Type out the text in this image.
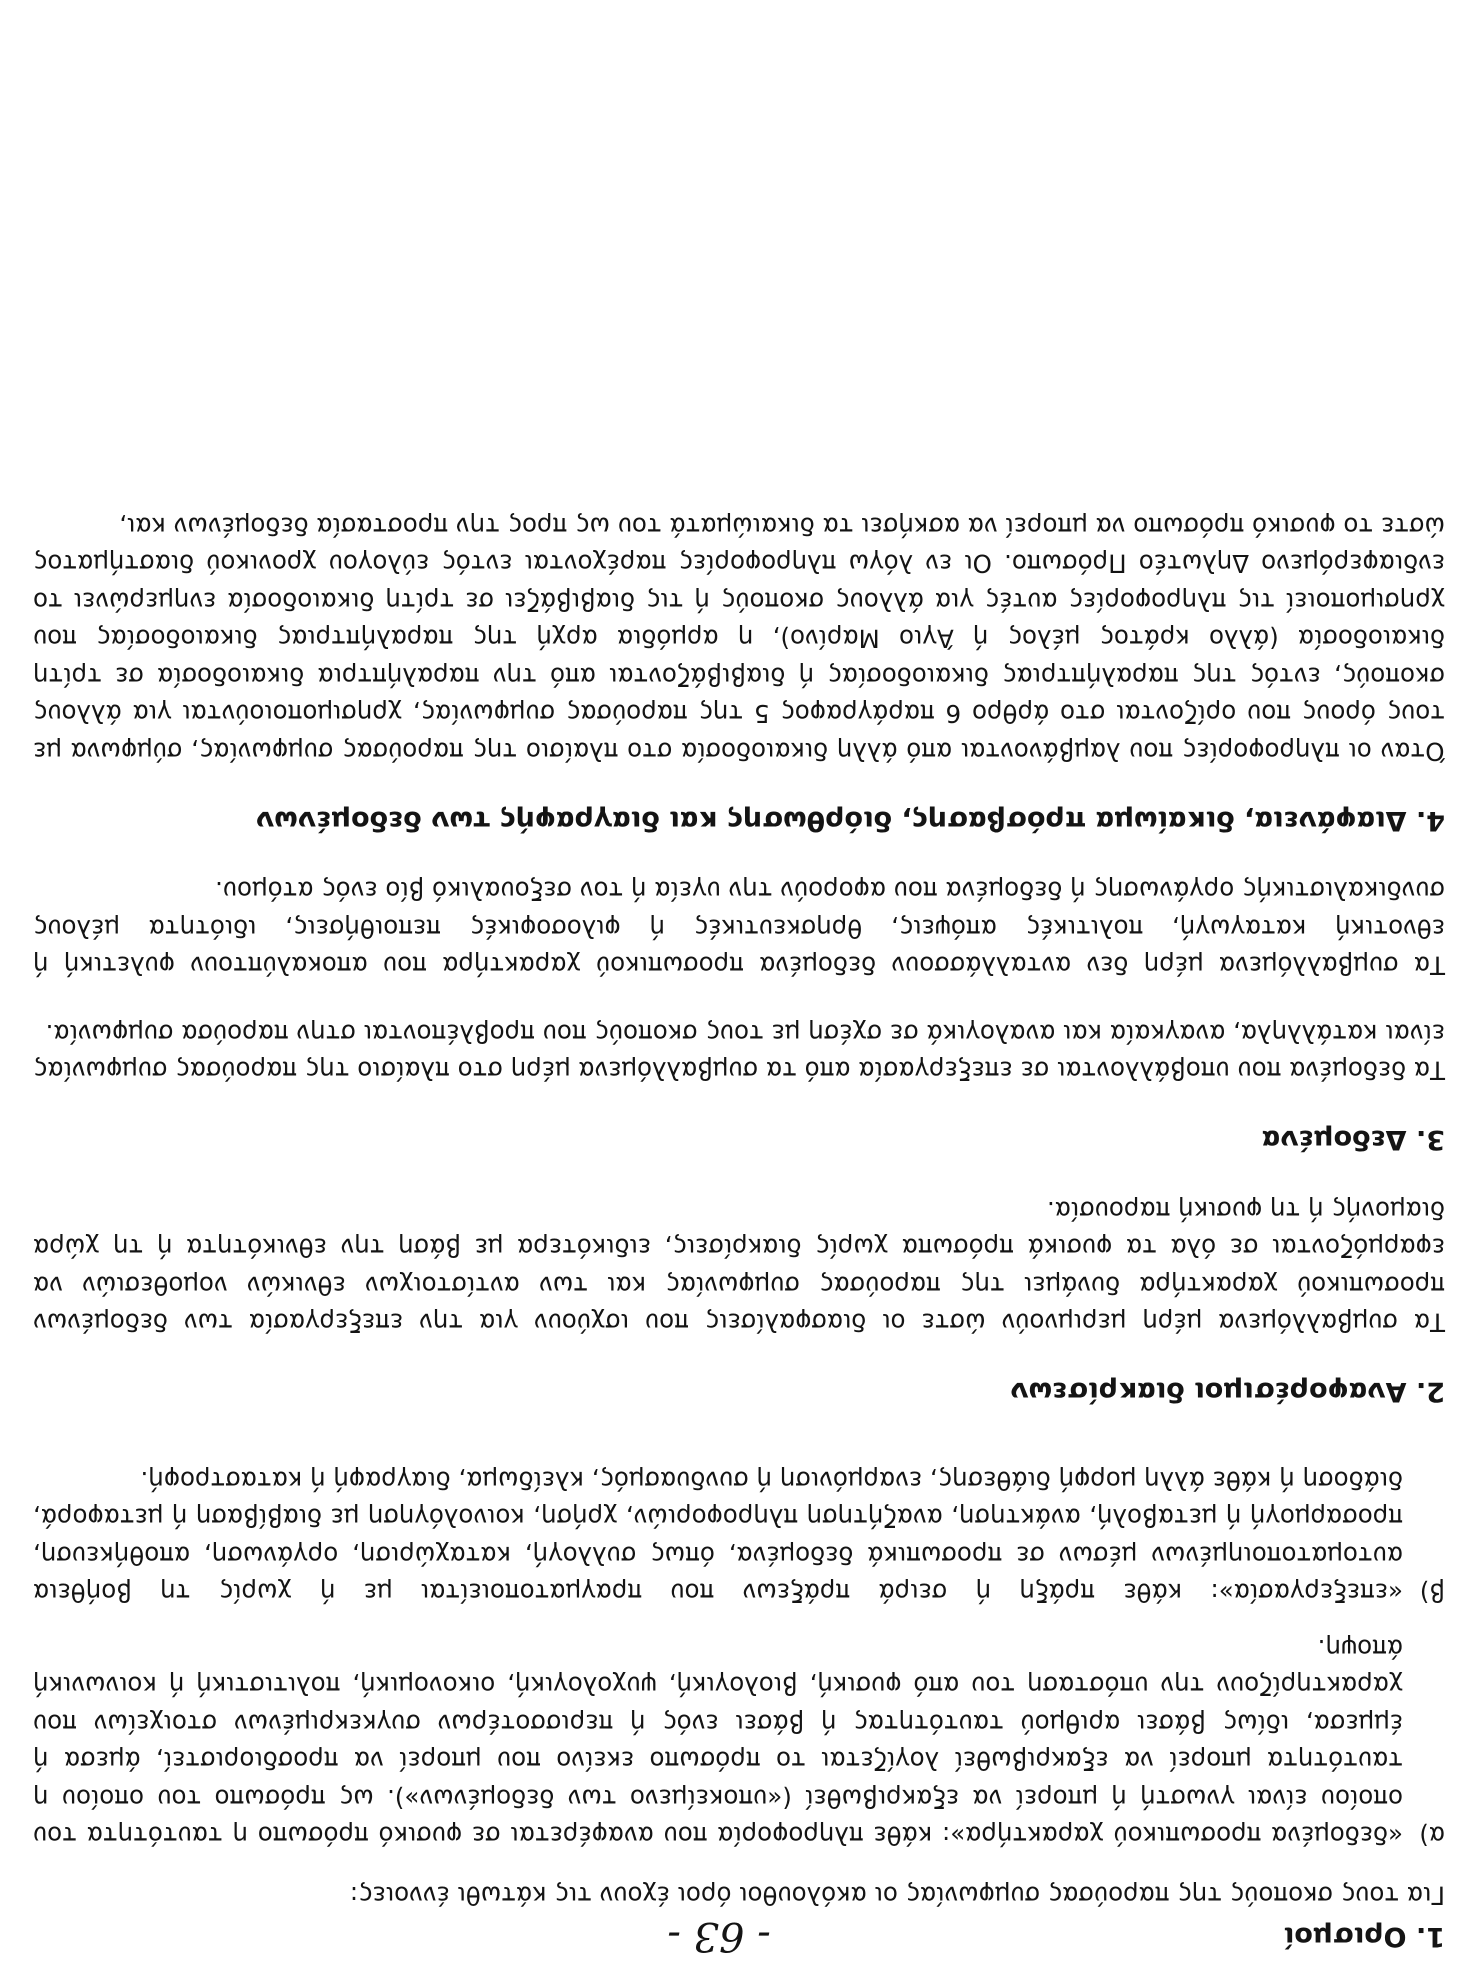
- 63 -	1. Ορισμοί

Για τους σκοπούς της παρούσας συμφωνίας οι ακόλουθοι όροι έχουν τις κάτωθι έννοιες:

α)
«δεδομένα προσωπικού χαρακτήρα»: κάθε πληροφορία που αναφέρεται σε φυσικό πρόσωπο η ταυτότητα του οποίου είναι γνωστή ή μπορεί να εξακριβωθεί («υποκείμενο των δεδομένων»). ως πρόσωπο του οποίου η ταυτότητα μπορεί να εξακριβωθεί λογίζεται το πρόσωπο εκείνο που μπορεί να προσδιοριστεί, άμεσα ή έμμεσα, ιδίως βάσει αριθμού ταυτότητας ή βάσει ενός ή περισσοτέρων συγκεκριμένων στοιχείων που χαρακτηρίζουν την υπόσταση του από φυσική, βιολογική, ψυχολογική, οικονομική, πολιτιστική ή κοινωνική άποψη.
β)
«επεξεργασία»: κάθε πράξη ή σειρά πράξεων που πραγματοποιείται με ή χωρίς τη βοήθεια αυτοματοποιημένων μέσων σε προσωπικά δεδομένα, όπως συλλογή, καταχώριση, οργάνωση, αποθήκευση, προσαρμογή ή μεταβολή, ανάκτηση, αναζήτηση πληροφοριών, χρήση, κοινολόγηση με διαβίβαση ή μεταφορά, διάδοση ή κάθε άλλη μορφή διάθεσης, εναρμόνιση ή συνδυασμός, κλείδωμα, διαγραφή ή καταστροφή.
2. Αναφορέσιμοι διακρίσεων

Τα συμβαλλόμενα μέρη μεριμνούν ώστε οι διασφαλίσεις που ισχύουν για την επεξεργασία των δεδομένων προσωπικού χαρακτήρα δυνάμει της παρούσας συμφωνίας και των αντίστοιχων εθνικών νομοθεσιών να εφαρμόζονται σε όλα τα φυσικά πρόσωπα χωρίς διακρίσεις, ειδικότερα με βάση την εθνικότητα ή τη χώρα διαμονής ή τη φυσική παρουσία.

3. Δεδομένα

Τα δεδομένα που υποβάλλονται σε επεξεργασία από τα συμβαλλόμενα μέρη στο πλαίσιο της παρούσας συμφωνίας είναι κατάλληλα, αναγκαία και αναλογικά σε σχέση με τους σκοπούς που προβλέπονται στην παρούσα συμφωνία.

Τα συμβαλλόμενα μέρη δεν ανταλλάσσουν δεδομένα προσωπικού χαρακτήρα που αποκαλύπτουν φυλετική ή εθνοτική καταγωγή, πολιτικές απόψεις, θρησκευτικές ή φιλοσοφικές πεποιθήσεις, ιδιότητα μέλους συνδικαλιστικής οργάνωσης ή δεδομένα που αφορούν την υγεία ή τον σεξουαλικό βίο ενός ατόμου.

4. Διαφάνεια, δικαίωμα πρόσβασης, διόρθωσης και διαγραφής των δεδομένων

Όταν οι πληροφορίες που λαμβάνονται από άλλη δικαιοδοσία στο πλαίσιο της παρούσας συμφωνίας, σύμφωνα με τους όρους που ορίζονται στο άρθρο 6 παράγραφος 5 της παρούσας συμφωνίας, χρησιμοποιούνται για άλλους σκοπούς, εντός της παραλήπτριας δικαιοδοσίας ή διαβιβάζονται από την παραλήπτρια δικαιοδοσία σε τρίτη δικαιοδοσία (άλλο κράτος μέλος ή Άγιο Μαρίνο), η αρμόδια αρχή της παραλήπτριας δικαιοδοσίας που χρησιμοποιεί τις πληροφορίες αυτές για άλλους σκοπούς ή τις διαβιβάζει σε τρίτη δικαιοδοσία ενημερώνει το ενδιαφερόμενο Δηλωτέο Πρόσωπο. Οι εν λόγω πληροφορίες παρέχονται εντός εύλογου χρονικού διαστήματος ώστε το φυσικό πρόσωπο να μπορεί να ασκήσει τα δικαιώματά του ως προς την προστασία δεδομένων και,
